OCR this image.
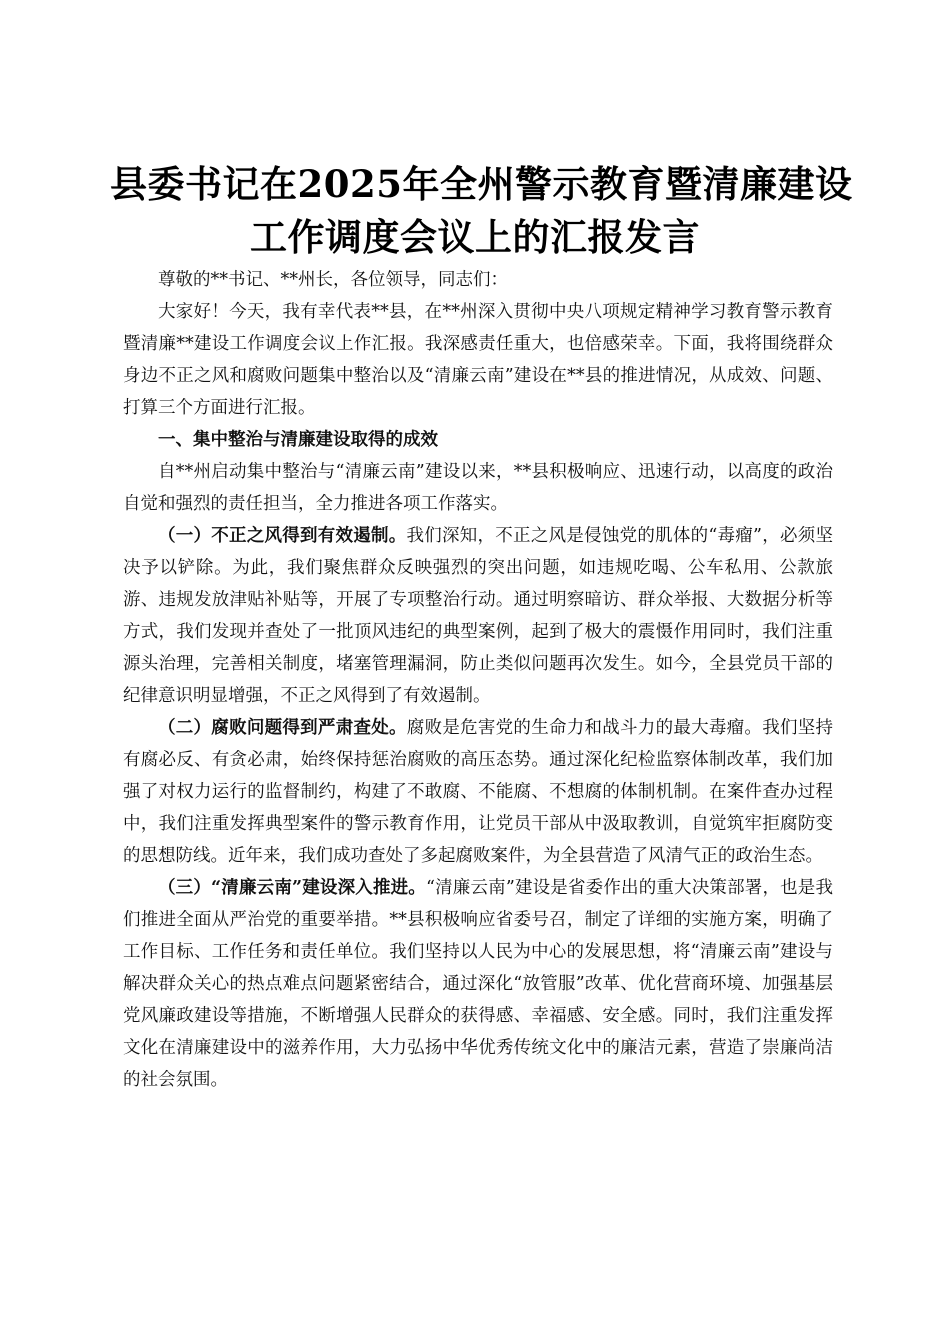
县委书记在2025年全州警示教育暨清廉建设
工作调度会议上的汇报发言

尊敬的**书记、**州长，各位领导，同志们：

大家好！今天，我有幸代表**县，在**州深入贯彻中央八项规定精神学习教育警示教育暨清廉**建设工作调度会议上作汇报。我深感责任重大，也倍感荣幸。下面，我将围绕群众身边不正之风和腐败问题集中整治以及“清廉云南”建设在**县的推进情况，从成效、问题、打算三个方面进行汇报。

一、集中整治与清廉建设取得的成效

自**州启动集中整治与“清廉云南”建设以来，**县积极响应、迅速行动，以高度的政治自觉和强烈的责任担当，全力推进各项工作落实。

（一）不正之风得到有效遏制。我们深知，不正之风是侵蚀党的肌体的“毒瘤”，必须坚决予以铲除。为此，我们聚焦群众反映强烈的突出问题，如违规吃喝、公车私用、公款旅游、违规发放津贴补贴等，开展了专项整治行动。通过明察暗访、群众举报、大数据分析等方式，我们发现并查处了一批顶风违纪的典型案例，起到了极大的震慑作用同时，我们注重源头治理，完善相关制度，堵塞管理漏洞，防止类似问题再次发生。如今，全县党员干部的纪律意识明显增强，不正之风得到了有效遏制。

（二）腐败问题得到严肃查处。腐败是危害党的生命力和战斗力的最大毒瘤。我们坚持有腐必反、有贪必肃，始终保持惩治腐败的高压态势。通过深化纪检监察体制改革，我们加强了对权力运行的监督制约，构建了不敢腐、不能腐、不想腐的体制机制。在案件查办过程中，我们注重发挥典型案件的警示教育作用，让党员干部从中汲取教训，自觉筑牢拒腐防变的思想防线。近年来，我们成功查处了多起腐败案件，为全县营造了风清气正的政治生态。

（三）“清廉云南”建设深入推进。“清廉云南”建设是省委作出的重大决策部署，也是我们推进全面从严治党的重要举措。**县积极响应省委号召，制定了详细的实施方案，明确了工作目标、工作任务和责任单位。我们坚持以人民为中心的发展思想，将“清廉云南”建设与解决群众关心的热点难点问题紧密结合，通过深化“放管服”改革、优化营商环境、加强基层党风廉政建设等措施，不断增强人民群众的获得感、幸福感、安全感。同时，我们注重发挥文化在清廉建设中的滋养作用，大力弘扬中华优秀传统文化中的廉洁元素，营造了崇廉尚洁的社会氛围。
